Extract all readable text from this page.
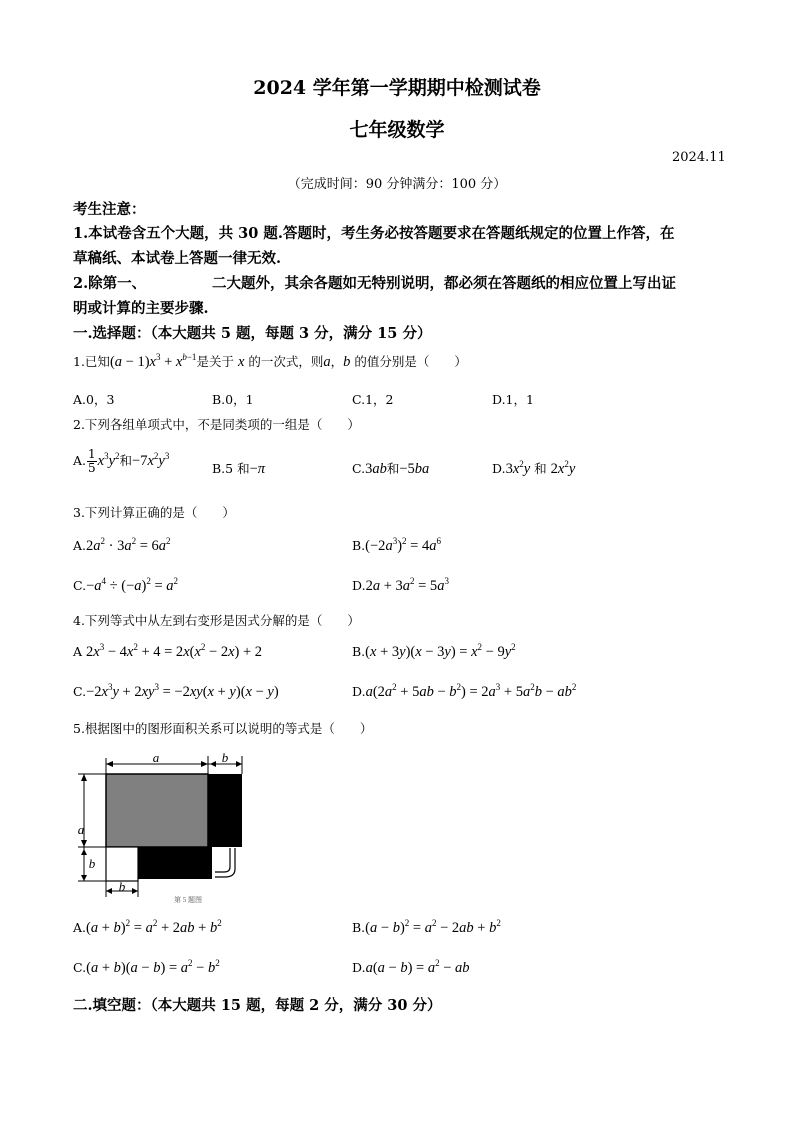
2024 学年第一学期期中检测试卷
七年级数学
2024.11
（完成时间：90 分钟满分：100 分）
考生注意：
1.本试卷含五个大题，共 30 题.答题时，考生务必按答题要求在答题纸规定的位置上作答，在
草稿纸、本试卷上答题一律无效.
2.除第一、	二大题外，其余各题如无特别说明，都必须在答题纸的相应位置上写出证
明或计算的主要步骤.
一.选择题：（本大题共 5 题，每题 3 分，满分 15 分）
1.已知$(a - 1)x^3 + x^{b-1}$是关于 x 的一次式，则a，b 的值分别是（　　）
A.0，3	B.0，1	C.1，2	D.1，1
2.下列各组单项式中，不是同类项的一组是（　　）
A. $\frac{1}{5} x^3y^2$和$-7x^2y^3$
B.5 和−π	C.3ab和−5ba	$D.3x^2y$ 和 $2x^2y$
3.下列计算正确的是（　　）
$A.2a^2 \cdot 3a^2 = 6a^2$	$B.(-2a^3)^2 = 4a^6$
$C.-a^4 \div (-a)^2 = a^2$	$D.2a + 3a^2 = 5a^3$
4.下列等式中从左到右变形是因式分解的是（　　）
A $2x^3 - 4x^2 + 4 = 2x(x^2 - 2x) + 2$	$B.(x + 3y)(x - 3y) = x^2 - 9y^2$
$C.-2x^3y + 2xy^3 = -2xy(x + y)(x - y)$	$D.a(2a^2 + 5ab - b^2) = 2a^3 + 5a^2b - ab^2$
5.根据图中的图形面积关系可以说明的等式是（　　）
a	b
a
b
b
第 5 题图
$A.(a + b)^2 = a^2 + 2ab + b^2$	$B.(a - b)^2 = a^2 - 2ab + b^2$
$C.(a + b)(a - b) = a^2 - b^2$	$D.a(a - b) = a^2$ − ab
二.填空题：（本大题共 15 题，每题 2 分，满分 30 分）
